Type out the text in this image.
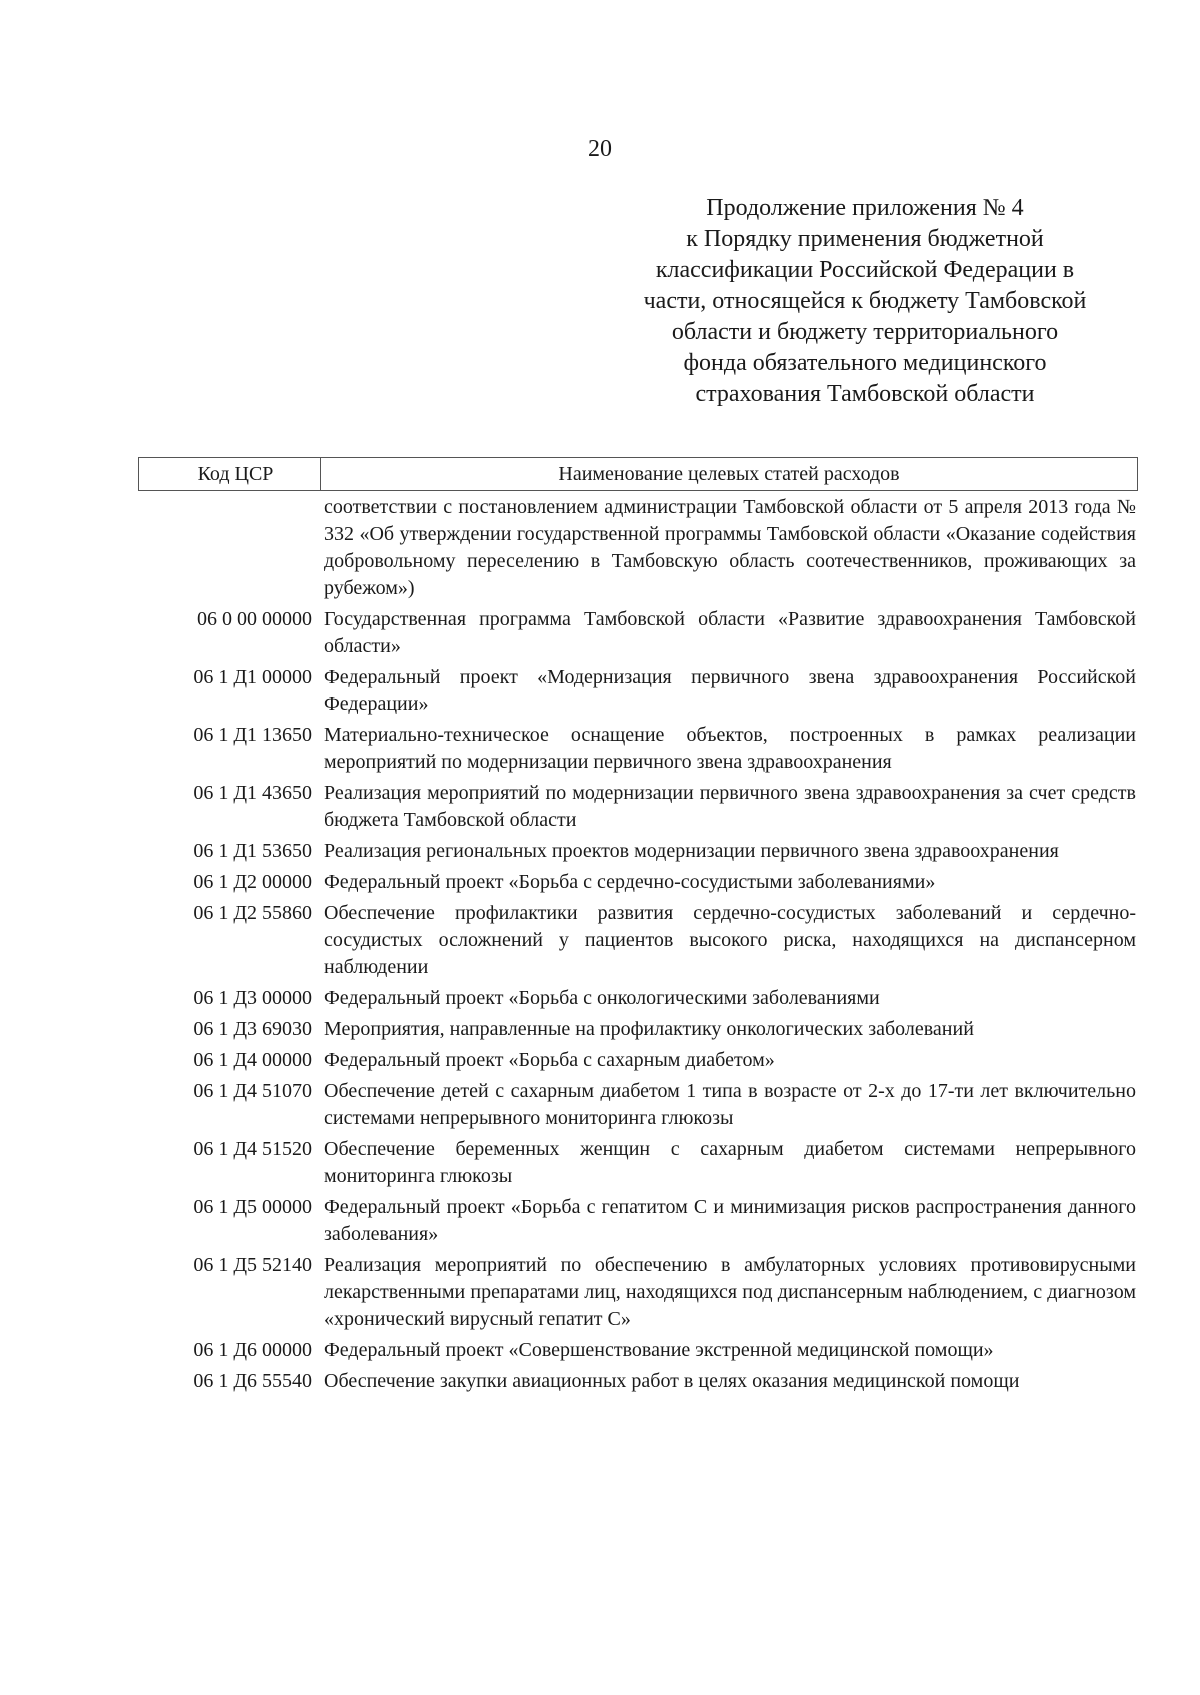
20
Продолжение приложения № 4
к Порядку применения бюджетной
классификации Российской Федерации в
части, относящейся к бюджету Тамбовской
области и бюджету территориального
фонда обязательного медицинского
страхования Тамбовской области
Код ЦСР	Наименование целевых статей расходов
соответствии с постановлением администрации Тамбовской области от 5 апреля 2013 года № 332 «Об утверждении государственной программы Тамбовской области «Оказание содействия добровольному переселению в Тамбовскую область соотечественников, проживающих за рубежом»)
06 0 00 00000 Государственная программа Тамбовской области «Развитие здравоохранения Тамбовской области»
06 1 Д1 00000 Федеральный проект «Модернизация первичного звена здравоохранения Российской Федерации»
06 1 Д1 13650 Материально-техническое оснащение объектов, построенных в рамках реализации мероприятий по модернизации первичного звена здравоохранения
06 1 Д1 43650 Реализация мероприятий по модернизации первичного звена здравоохранения за счет средств бюджета Тамбовской области
06 1 Д1 53650 Реализация региональных проектов модернизации первичного звена здравоохранения
06 1 Д2 00000 Федеральный проект «Борьба с сердечно-сосудистыми заболеваниями»
06 1 Д2 55860 Обеспечение профилактики развития сердечно-сосудистых заболеваний и сердечно-сосудистых осложнений у пациентов высокого риска, находящихся на диспансерном наблюдении
06 1 Д3 00000 Федеральный проект «Борьба с онкологическими заболеваниями
06 1 Д3 69030 Мероприятия, направленные на профилактику онкологических заболеваний
06 1 Д4 00000 Федеральный проект «Борьба с сахарным диабетом»
06 1 Д4 51070 Обеспечение детей с сахарным диабетом 1 типа в возрасте от 2-х до 17-ти лет включительно системами непрерывного мониторинга глюкозы
06 1 Д4 51520 Обеспечение беременных женщин с сахарным диабетом системами непрерывного мониторинга глюкозы
06 1 Д5 00000 Федеральный проект «Борьба с гепатитом С и минимизация рисков распространения данного заболевания»
06 1 Д5 52140 Реализация мероприятий по обеспечению в амбулаторных условиях противовирусными лекарственными препаратами лиц, находящихся под диспансерным наблюдением, с диагнозом «хронический вирусный гепатит С»
06 1 Д6 00000 Федеральный проект «Совершенствование экстренной медицинской помощи»
06 1 Д6 55540 Обеспечение закупки авиационных работ в целях оказания медицинской помощи
